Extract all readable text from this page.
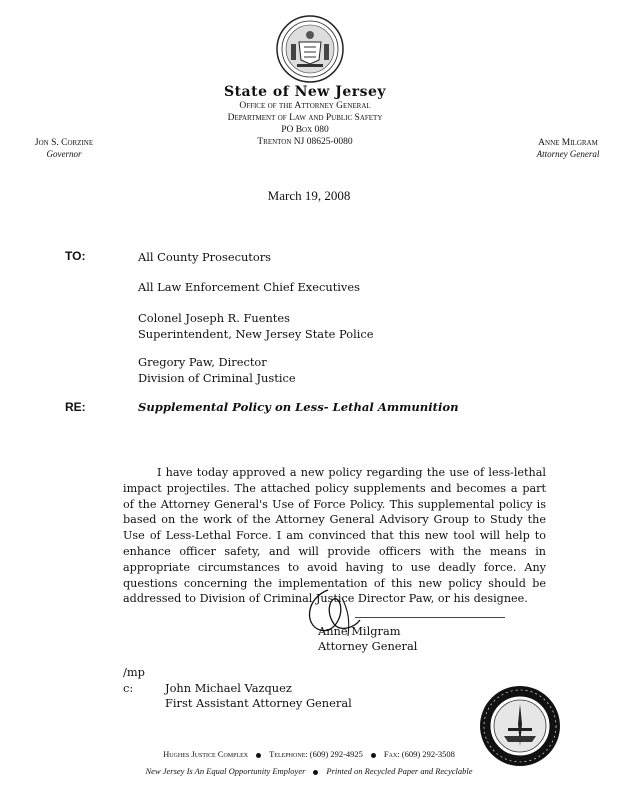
State of New Jersey
Office of the Attorney General
Department of Law and Public Safety
PO Box 080
Trenton NJ 08625-0080
Jon S. Corzine
Governor
Anne Milgram
Attorney General
March 19, 2008
TO:	All County Prosecutors
All Law Enforcement Chief Executives
Colonel Joseph R. Fuentes
Superintendent, New Jersey State Police
Gregory Paw, Director
Division of Criminal Justice
RE:	Supplemental Policy on Less- Lethal Ammunition

I have today approved a new policy regarding the use of less-lethal impact projectiles. The attached policy supplements and becomes a part of the Attorney General's Use of Force Policy. This supplemental policy is based on the work of the Attorney General Advisory Group to Study the Use of Less-Lethal Force. I am convinced that this new tool will help to enhance officer safety, and will provide officers with the means in appropriate circumstances to avoid having to use deadly force. Any questions concerning the implementation of this new policy should be addressed to Division of Criminal Justice Director Paw, or his designee.

Anne Milgram
Attorney General
/mp
c:	John Michael Vazquez
First Assistant Attorney General
Hughes Justice Complex Telephone: (609) 292-4925 Fax: (609) 292-3508
New Jersey Is An Equal Opportunity Employer Printed on Recycled Paper and Recyclable
